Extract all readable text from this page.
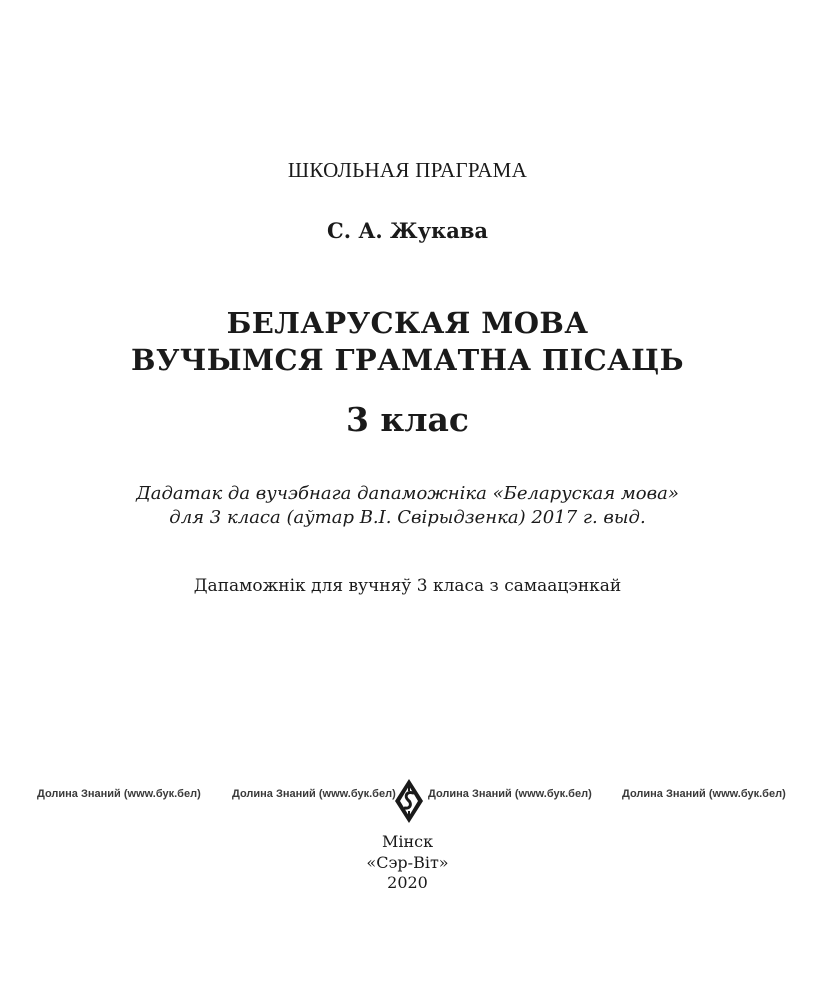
ШКОЛЬНАЯ ПРАГРАМА
С. А. Жукава
БЕЛАРУСКАЯ МОВА
ВУЧЫМСЯ ГРАМАТНА ПІСАЦЬ
3 клас
Дадатак да вучэбнага дапаможніка «Беларуская мова»
для 3 класа (аўтар В.І. Свірыдзенка) 2017 г. выд.
Дапаможнік для вучняў 3 класа з самаацэнкай
Долина Знаний (www.бук.бел)	Долина Знаний (www.бук.бел)	Долина Знаний (www.бук.бел)	Долина Знаний (www.бук.бел)
Мінск
«Сэр-Віт»
2020
